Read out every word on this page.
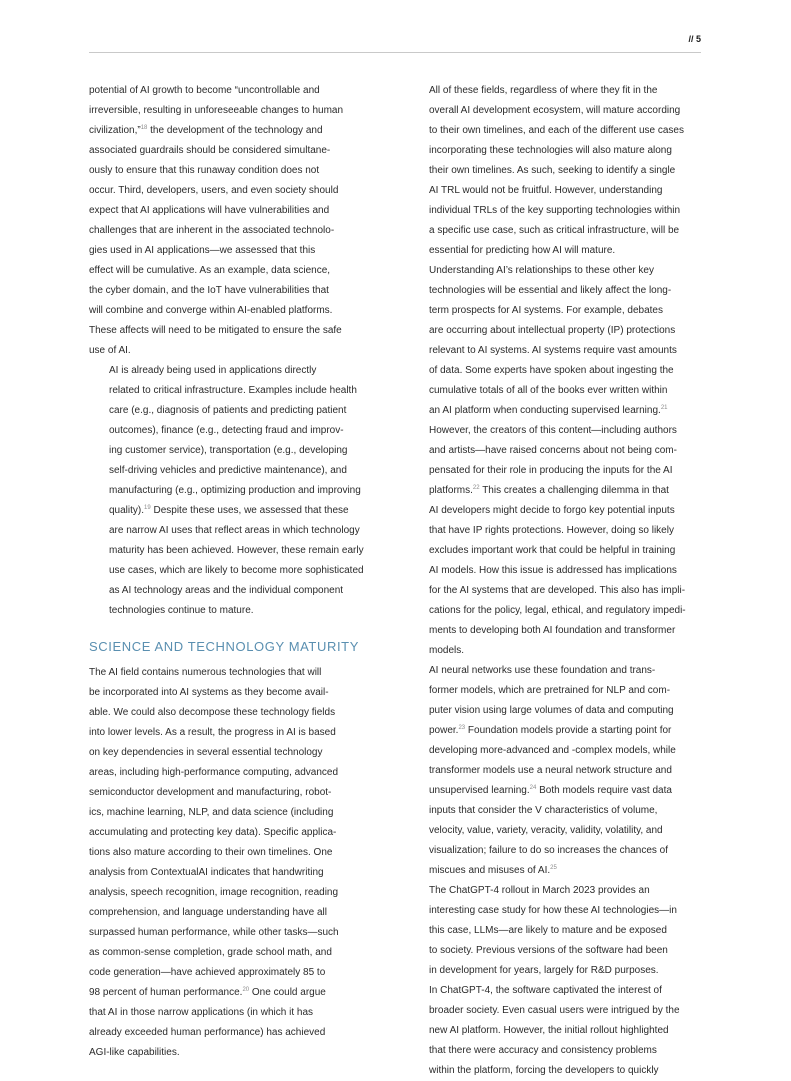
// 5

potential of AI growth to become “uncontrollable and
irreversible, resulting in unforeseeable changes to human
civilization,”$^{18}$ the development of the technology and
associated guardrails should be considered simultane-
ously to ensure that this runaway condition does not
occur. Third, developers, users, and even society should
expect that AI applications will have vulnerabilities and
challenges that are inherent in the associated technolo-
gies used in AI applications—we assessed that this
effect will be cumulative. As an example, data science,
the cyber domain, and the IoT have vulnerabilities that
will combine and converge within AI-enabled platforms.
These affects will need to be mitigated to ensure the safe
use of AI.

AI is already being used in applications directly
related to critical infrastructure. Examples include health
care (e.g., diagnosis of patients and predicting patient
outcomes), finance (e.g., detecting fraud and improv-
ing customer service), transportation (e.g., developing
self-driving vehicles and predictive maintenance), and
manufacturing (e.g., optimizing production and improving
quality).$^{19}$ Despite these uses, we assessed that these
are narrow AI uses that reflect areas in which technology
maturity has been achieved. However, these remain early
use cases, which are likely to become more sophisticated
as AI technology areas and the individual component
technologies continue to mature.

SCIENCE AND TECHNOLOGY MATURITY

The AI field contains numerous technologies that will
be incorporated into AI systems as they become avail-
able. We could also decompose these technology fields
into lower levels. As a result, the progress in AI is based
on key dependencies in several essential technology
areas, including high-performance computing, advanced
semiconductor development and manufacturing, robot-
ics, machine learning, NLP, and data science (including
accumulating and protecting key data). Specific applica-
tions also mature according to their own timelines. One
analysis from ContextualAI indicates that handwriting
analysis, speech recognition, image recognition, reading
comprehension, and language understanding have all
surpassed human performance, while other tasks—such
as common-sense completion, grade school math, and
code generation—have achieved approximately 85 to
98 percent of human performance.$^{20}$ One could argue
that AI in those narrow applications (in which it has
already exceeded human performance) has achieved
AGI-like capabilities.

All of these fields, regardless of where they fit in the
overall AI development ecosystem, will mature according
to their own timelines, and each of the different use cases
incorporating these technologies will also mature along
their own timelines. As such, seeking to identify a single
AI TRL would not be fruitful. However, understanding
individual TRLs of the key supporting technologies within
a specific use case, such as critical infrastructure, will be
essential for predicting how AI will mature.

Understanding AI’s relationships to these other key
technologies will be essential and likely affect the long-
term prospects for AI systems. For example, debates
are occurring about intellectual property (IP) protections
relevant to AI systems. AI systems require vast amounts
of data. Some experts have spoken about ingesting the
cumulative totals of all of the books ever written within
an AI platform when conducting supervised learning.$^{21}$
However, the creators of this content—including authors
and artists—have raised concerns about not being com-
pensated for their role in producing the inputs for the AI
platforms.$^{22}$ This creates a challenging dilemma in that
AI developers might decide to forgo key potential inputs
that have IP rights protections. However, doing so likely
excludes important work that could be helpful in training
AI models. How this issue is addressed has implications
for the AI systems that are developed. This also has impli-
cations for the policy, legal, ethical, and regulatory impedi-
ments to developing both AI foundation and transformer
models.

AI neural networks use these foundation and trans-
former models, which are pretrained for NLP and com-
puter vision using large volumes of data and computing
power.$^{23}$ Foundation models provide a starting point for
developing more-advanced and -complex models, while
transformer models use a neural network structure and
unsupervised learning.$^{24}$ Both models require vast data
inputs that consider the V characteristics of volume,
velocity, value, variety, veracity, validity, volatility, and
visualization; failure to do so increases the chances of
miscues and misuses of AI.$^{25}$

The ChatGPT-4 rollout in March 2023 provides an
interesting case study for how these AI technologies—in
this case, LLMs—are likely to mature and be exposed
to society. Previous versions of the software had been
in development for years, largely for R&D purposes.
In ChatGPT-4, the software captivated the interest of
broader society. Even casual users were intrigued by the
new AI platform. However, the initial rollout highlighted
that there were accuracy and consistency problems
within the platform, forcing the developers to quickly
